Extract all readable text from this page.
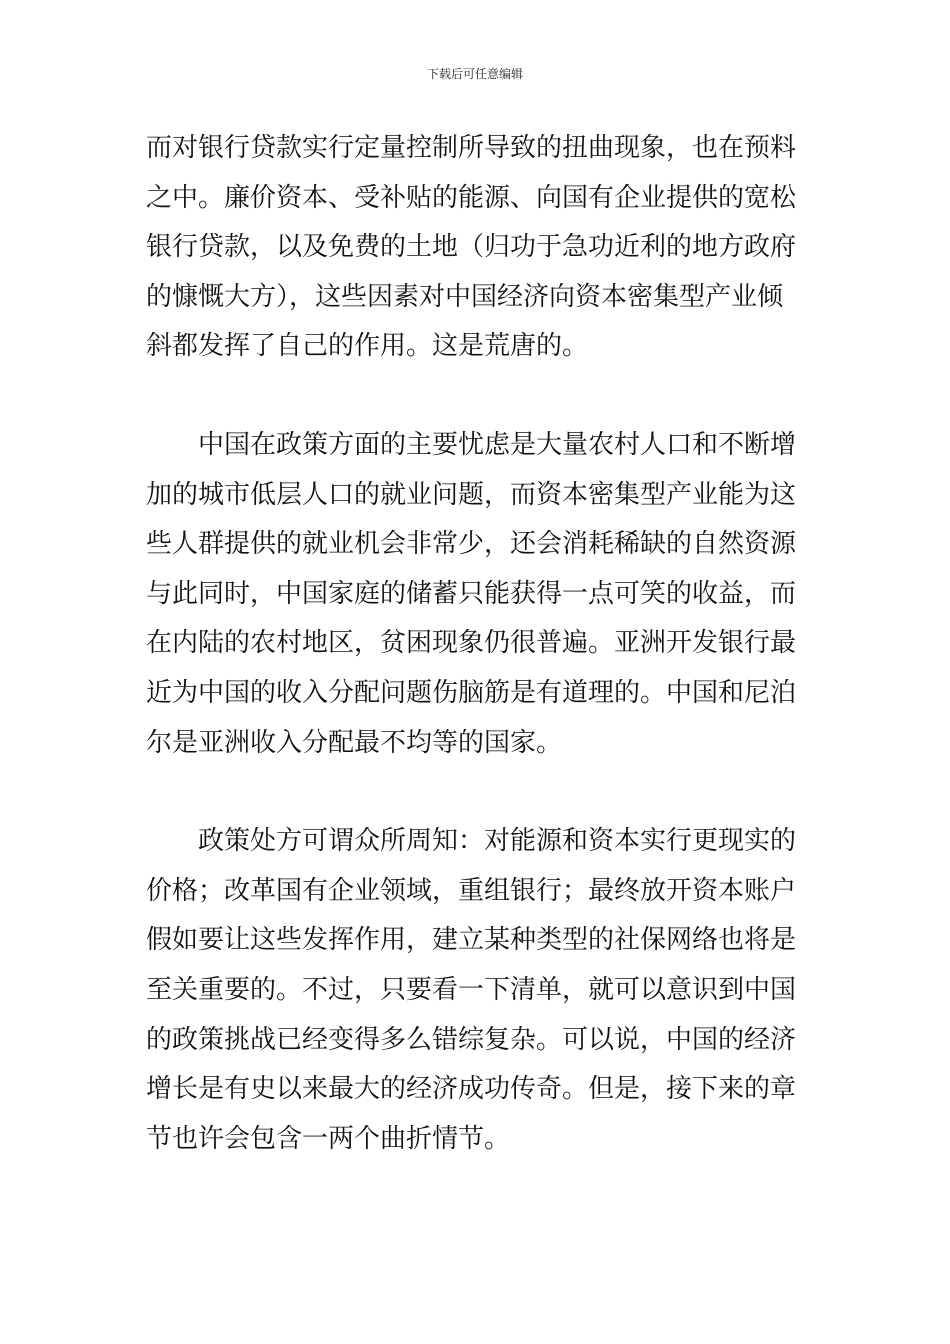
下载后可任意编辑
而对银行贷款实行定量控制所导致的扭曲现象，也在预料
之中。廉价资本、受补贴的能源、向国有企业提供的宽松
银行贷款，以及免费的土地（归功于急功近利的地方政府
的慷慨大方），这些因素对中国经济向资本密集型产业倾
斜都发挥了自己的作用。这是荒唐的。
中国在政策方面的主要忧虑是大量农村人口和不断增
加的城市低层人口的就业问题，而资本密集型产业能为这
些人群提供的就业机会非常少，还会消耗稀缺的自然资源
与此同时，中国家庭的储蓄只能获得一点可笑的收益，而
在内陆的农村地区，贫困现象仍很普遍。亚洲开发银行最
近为中国的收入分配问题伤脑筋是有道理的。中国和尼泊
尔是亚洲收入分配最不均等的国家。
政策处方可谓众所周知：对能源和资本实行更现实的
价格；改革国有企业领域，重组银行；最终放开资本账户
假如要让这些发挥作用，建立某种类型的社保网络也将是
至关重要的。不过，只要看一下清单，就可以意识到中国
的政策挑战已经变得多么错综复杂。可以说，中国的经济
增长是有史以来最大的经济成功传奇。但是，接下来的章
节也许会包含一两个曲折情节。
